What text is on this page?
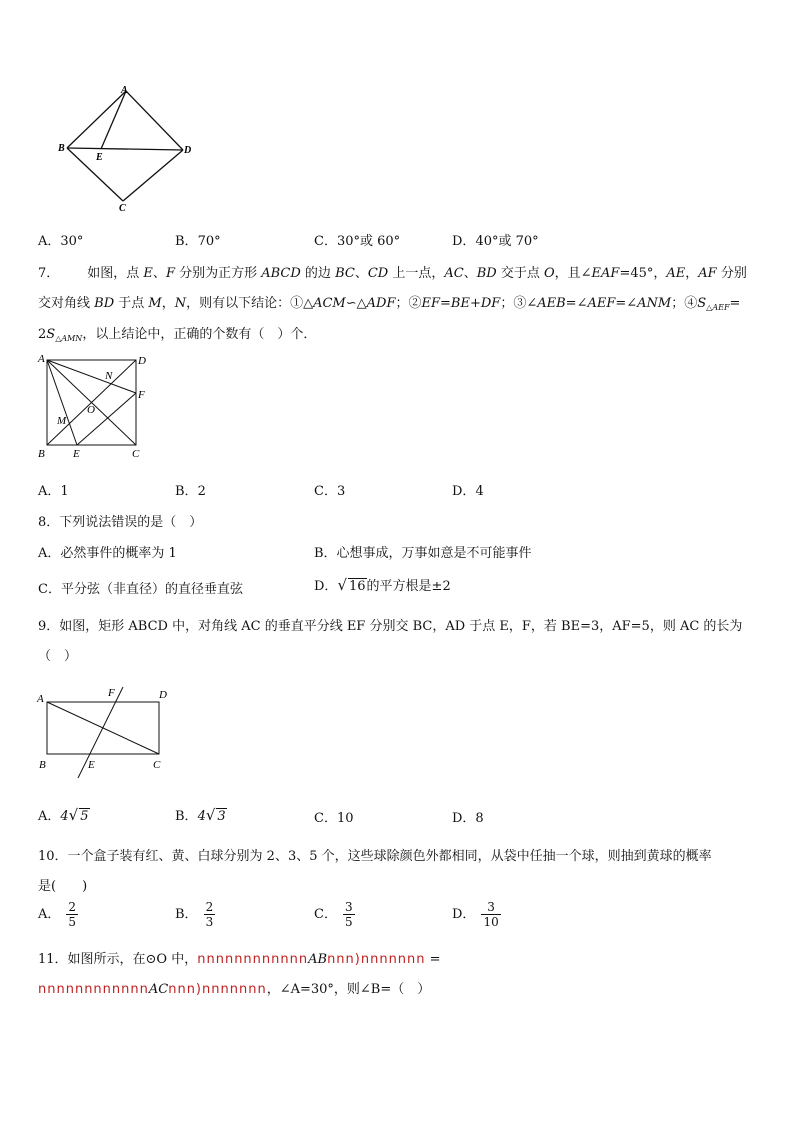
A
B
E
D
C
A．30°	B．70°	C．30°或 60°	D．40°或 70°
7． 如图，点 E、F 分别为正方形 ABCD 的边 BC、CD 上一点，AC、BD 交于点 O，且∠EAF=45°，AE，AF 分别
交对角线 BD 于点 M，N，则有以下结论：①△ACM∽△ADF；②EF=BE+DF；③∠AEB=∠AEF=∠ANM；$④S_{\triangle AEF}=$
$2S_{\triangle AMN}$，以上结论中，正确的个数有（　）个．
A	D
N
F
O
M
B	E	C
A．1	B．2	C．3	D．4
8．下列说法错误的是（　）
A．必然事件的概率为 1	B．心想事成，万事如意是不可能事件
C．平分弦（非直径）的直径垂直弦	D．√ 16的平方根是±2
9．如图，矩形 ABCD 中，对角线 AC 的垂直平分线 EF 分别交 BC，AD 于点 E，F，若 BE=3，AF=5，则 AC 的长为
（　）
A	F	D
B	E	C
A．4√ 5	B．4√ 3	C．10	D．8
10．一个盒子装有红、黄、白球分别为 2、3、5 个，这些球除颜色外都相同，从袋中任抽一个球，则抽到黄球的概率
是(　　)
A． $\frac{2}{5}$	B． $\frac{2}{3}$	C． $\frac{3}{5}$	D． $\frac{3}{10}$
11．如图所示，在⊙O 中，nnnnnnnnnnnnABnnn)nnnnnnn =
nnnnnnnnnnnnACnnn)nnnnnnn，∠A=30°，则∠B=（　）
